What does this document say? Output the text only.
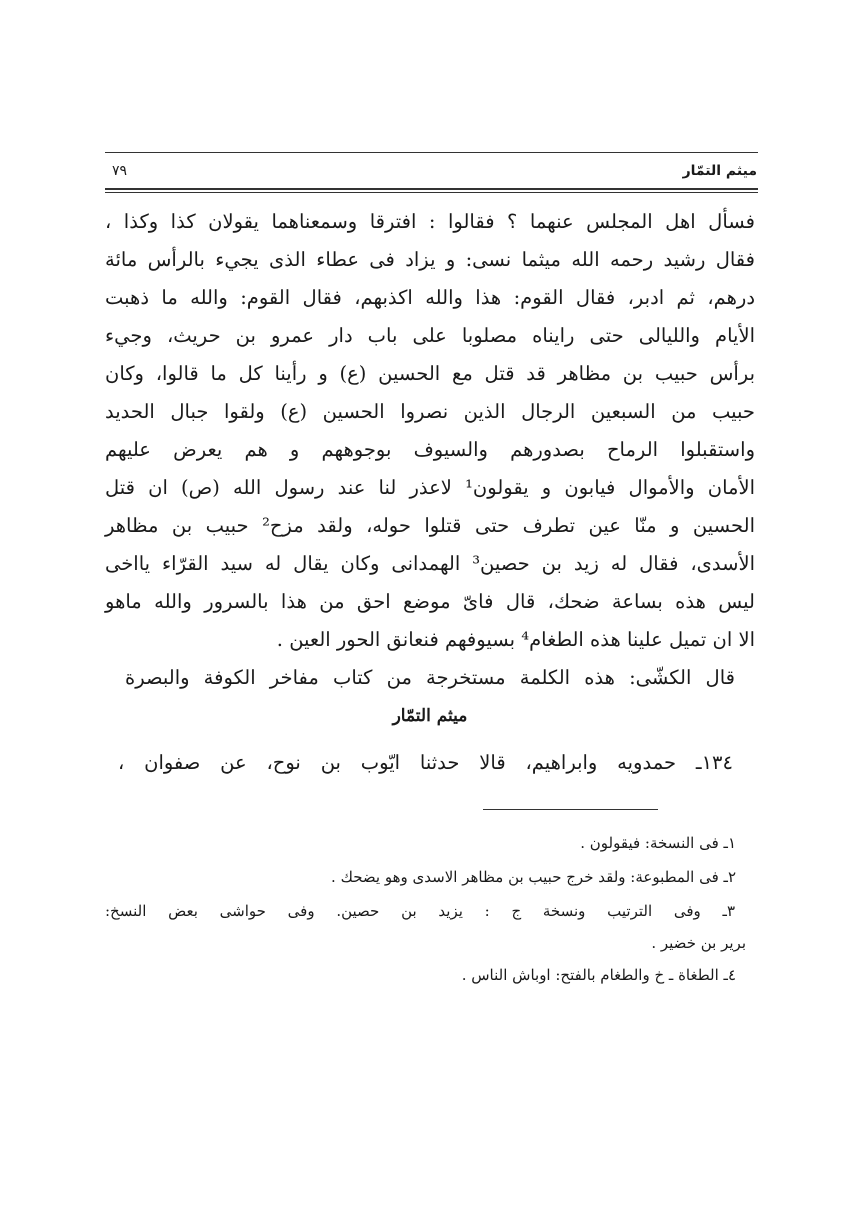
ميثم التمّار
٧٩
فسأل اهل المجلس عنهما ؟ فقالوا : افترقا وسمعناهما يقولان كذا وكذا ،
فقال رشيد رحمه الله ميثما نسى: و يزاد فى عطاء الذى يجيء بالرأس مائة
درهم، ثم ادبر، فقال القوم: هذا والله اكذبهم، فقال القوم: والله ما ذهبت
الأيام والليالى حتى رايناه مصلوبا على باب دار عمرو بن حريث، وجيء
برأس حبيب بن مظاهر قد قتل مع الحسين (ع) و رأينا كل ما قالوا، وكان
حبيب من السبعين الرجال الذين نصروا الحسين (ع) ولقوا جبال الحديد
واستقبلوا الرماح بصدورهم والسيوف بوجوههم و هم يعرض عليهم
الأمان والأموال فيابون و يقولون¹ لاعذر لنا عند رسول الله (ص) ان قتل
الحسين و منّا عين تطرف حتى قتلوا حوله، ولقد مزح² حبيب بن مظاهر
الأسدى، فقال له زيد بن حصين³ الهمدانى وكان يقال له سيد القرّاء يااخى
ليس هذه بساعة ضحك، قال فاىّ موضع احق من هذا بالسرور والله ماهو
الا ان تميل علينا هذه الطغام⁴ بسيوفهم فنعانق الحور العين .
قال الكشّى: هذه الكلمة مستخرجة من كتاب مفاخر الكوفة والبصرة
ميثم التمّار
١٣٤ـ حمدويه وابراهيم، قالا حدثنا ايّوب بن نوح، عن صفوان ،
١ـ فى النسخة: فيقولون .
٢ـ فى المطبوعة: ولقد خرج حبيب بن مظاهر الاسدى وهو يضحك .
٣ـ وفى الترتيب ونسخة ج : يزيد بن حصين. وفى حواشى بعض النسخ:
برير بن خضير .
٤ـ الطغاة ـ خ والطغام بالفتح: اوباش الناس .
